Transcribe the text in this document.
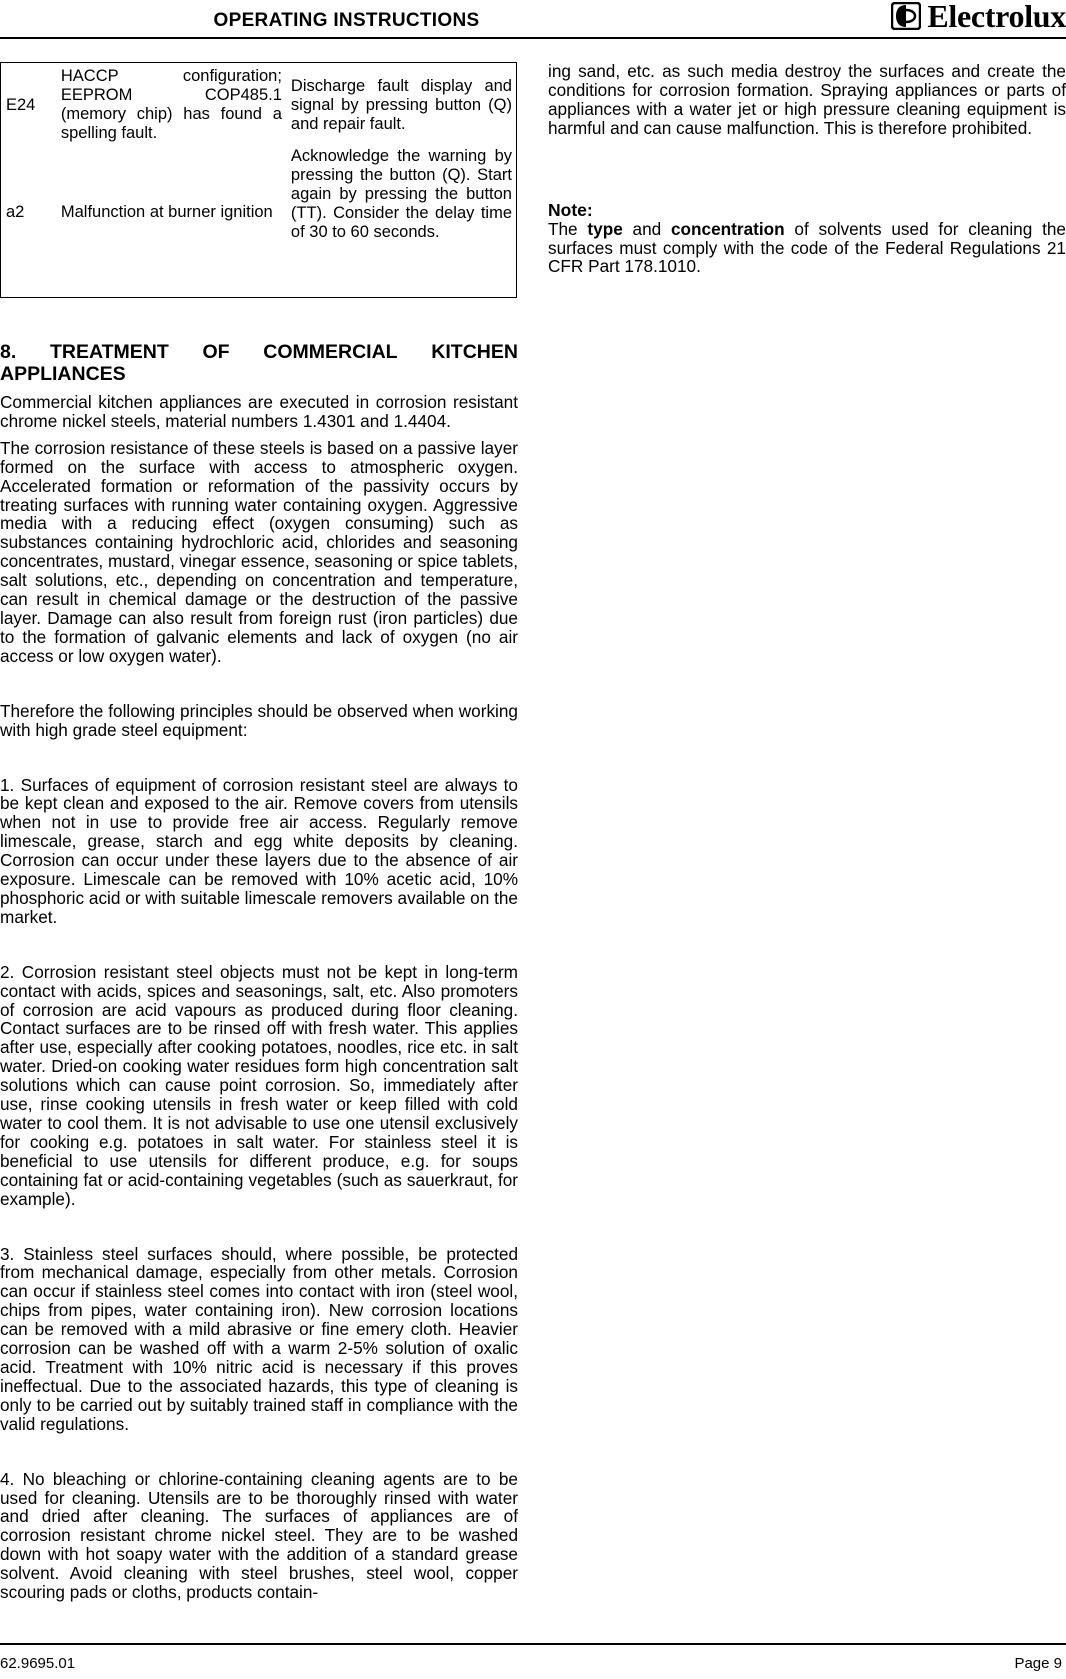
OPERATING INSTRUCTIONS	Electrolux
E24	HACCP configuration; EEPROM COP485.1 (memory chip) has found a spelling fault.	Discharge fault display and signal by pressing button (Q) and repair fault.
a2	Malfunction at burner ignition	Acknowledge the warning by pressing the button (Q). Start again by pressing the button (TT). Consider the delay time of 30 to 60 seconds.
8. TREATMENT OF COMMERCIAL KITCHEN
APPLIANCES

Commercial kitchen appliances are executed in corrosion resistant chrome nickel steels, material numbers 1.4301 and 1.4404.

The corrosion resistance of these steels is based on a passive layer formed on the surface with access to atmospheric oxygen. Accelerated formation or reformation of the passivity occurs by treating surfaces with running water containing oxygen. Aggressive media with a reducing effect (oxygen consuming) such as substances containing hydrochloric acid, chlorides and seasoning concentrates, mustard, vinegar essence, seasoning or spice tablets, salt solutions, etc., depending on concentration and temperature, can result in chemical damage or the destruction of the passive layer. Damage can also result from foreign rust (iron particles) due to the formation of galvanic elements and lack of oxygen (no air access or low oxygen water).

Therefore the following principles should be observed when working with high grade steel equipment:

1. Surfaces of equipment of corrosion resistant steel are always to be kept clean and exposed to the air. Remove covers from utensils when not in use to provide free air access. Regularly remove limescale, grease, starch and egg white deposits by cleaning. Corrosion can occur under these layers due to the absence of air exposure. Limescale can be removed with 10% acetic acid, 10% phosphoric acid or with suitable limescale removers available on the market.

2. Corrosion resistant steel objects must not be kept in long-term contact with acids, spices and seasonings, salt, etc. Also promoters of corrosion are acid vapours as produced during floor cleaning. Contact surfaces are to be rinsed off with fresh water. This applies after use, especially after cooking potatoes, noodles, rice etc. in salt water. Dried-on cooking water residues form high concentration salt solutions which can cause point corrosion. So, immediately after use, rinse cooking utensils in fresh water or keep filled with cold water to cool them. It is not advisable to use one utensil exclusively for cooking e.g. potatoes in salt water. For stainless steel it is beneficial to use utensils for different produce, e.g. for soups containing fat or acid-containing vegetables (such as sauerkraut, for example).

3. Stainless steel surfaces should, where possible, be protected from mechanical damage, especially from other metals. Corrosion can occur if stainless steel comes into contact with iron (steel wool, chips from pipes, water containing iron). New corrosion locations can be removed with a mild abrasive or fine emery cloth. Heavier corrosion can be washed off with a warm 2-5% solution of oxalic acid. Treatment with 10% nitric acid is necessary if this proves ineffectual. Due to the associated hazards, this type of cleaning is only to be carried out by suitably trained staff in compliance with the valid regulations.

4. No bleaching or chlorine-containing cleaning agents are to be used for cleaning. Utensils are to be thoroughly rinsed with water and dried after cleaning. The surfaces of appliances are of corrosion resistant chrome nickel steel. They are to be washed down with hot soapy water with the addition of a standard grease solvent. Avoid cleaning with steel brushes, steel wool, copper scouring pads or cloths, products contain-

ing sand, etc. as such media destroy the surfaces and create the conditions for corrosion formation. Spraying appliances or parts of appliances with a water jet or high pressure cleaning equipment is harmful and can cause malfunction. This is therefore prohibited.

Note:

The type and concentration of solvents used for cleaning the surfaces must comply with the code of the Federal Regulations 21 CFR Part 178.1010.

62.9695.01	Page 9
